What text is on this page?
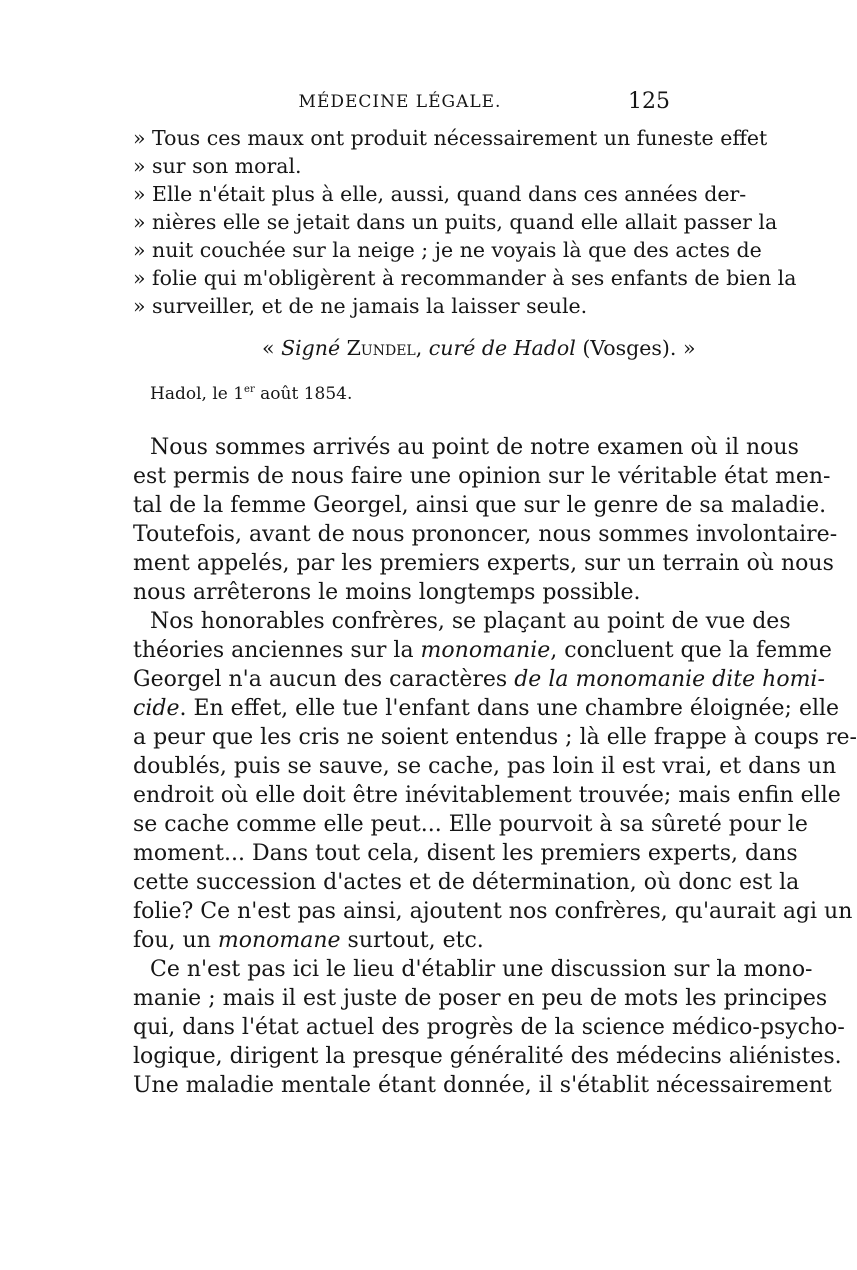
MÉDECINE LÉGALE.	125

» Tous ces maux ont produit nécessairement un funeste effet

» sur son moral.

» Elle n'était plus à elle, aussi, quand dans ces années der-

» nières elle se jetait dans un puits, quand elle allait passer la

» nuit couchée sur la neige ; je ne voyais là que des actes de

» folie qui m'obligèrent à recommander à ses enfants de bien la

» surveiller, et de ne jamais la laisser seule.

« Signé Zundel, curé de Hadol (Vosges). »

Hadol, le 1er août 1854.

Nous sommes arrivés au point de notre examen où il nous

est permis de nous faire une opinion sur le véritable état men-

tal de la femme Georgel, ainsi que sur le genre de sa maladie.

Toutefois, avant de nous prononcer, nous sommes involontaire-

ment appelés, par les premiers experts, sur un terrain où nous

nous arrêterons le moins longtemps possible.

Nos honorables confrères, se plaçant au point de vue des

théories anciennes sur la monomanie, concluent que la femme

Georgel n'a aucun des caractères de la monomanie dite homi-

cide. En effet, elle tue l'enfant dans une chambre éloignée; elle

a peur que les cris ne soient entendus ; là elle frappe à coups re-

doublés, puis se sauve, se cache, pas loin il est vrai, et dans un

endroit où elle doit être inévitablement trouvée; mais enfin elle

se cache comme elle peut... Elle pourvoit à sa sûreté pour le

moment... Dans tout cela, disent les premiers experts, dans

cette succession d'actes et de détermination, où donc est la

folie? Ce n'est pas ainsi, ajoutent nos confrères, qu'aurait agi un

fou, un monomane surtout, etc.

Ce n'est pas ici le lieu d'établir une discussion sur la mono-

manie ; mais il est juste de poser en peu de mots les principes

qui, dans l'état actuel des progrès de la science médico-psycho-

logique, dirigent la presque généralité des médecins aliénistes.

Une maladie mentale étant donnée, il s'établit nécessairement
